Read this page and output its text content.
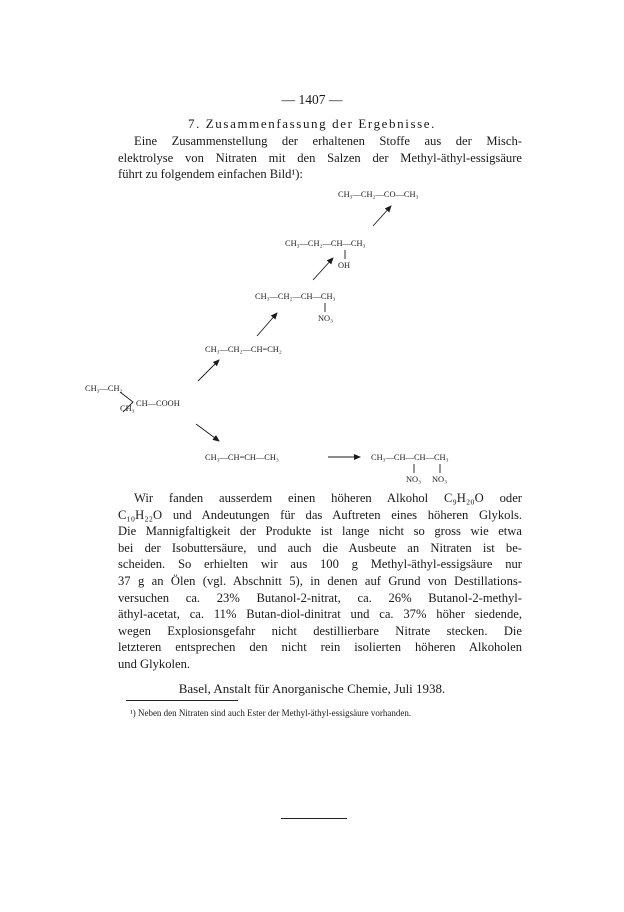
— 1407 —
7. Zusammenfassung der Ergebnisse.
Eine Zusammenstellung der erhaltenen Stoffe aus der Misch-
elektrolyse von Nitraten mit den Salzen der Methyl-äthyl-essigsäure
führt zu folgendem einfachen Bild¹):
CH₃—CH₂—CO—CH₃
CH₃—CH₂—CH—CH₃
OH
CH₃—CH₂—CH—CH₃
NO₃
CH₃—CH₂—CH=CH₂
CH₃—CH₂
CH₃
CH—COOH
CH₃—CH=CH—CH₃	CH₃—CH—CH—CH₃
NO₃ NO₃
Wir fanden ausserdem einen höheren Alkohol C₉H₂₀O oder
C₁₀H₂₂O und Andeutungen für das Auftreten eines höheren Glykols.
Die Mannigfaltigkeit der Produkte ist lange nicht so gross wie etwa
bei der Isobuttersäure, und auch die Ausbeute an Nitraten ist be-
scheiden. So erhielten wir aus 100 g Methyl-äthyl-essigsäure nur
37 g an Ölen (vgl. Abschnitt 5), in denen auf Grund von Destillations-
versuchen ca. 23% Butanol-2-nitrat, ca. 26% Butanol-2-methyl-
äthyl-acetat, ca. 11% Butan-diol-dinitrat und ca. 37% höher siedende,
wegen Explosionsgefahr nicht destillierbare Nitrate stecken. Die
letzteren entsprechen den nicht rein isolierten höheren Alkoholen
und Glykolen.
Basel, Anstalt für Anorganische Chemie, Juli 1938.
¹) Neben den Nitraten sind auch Ester der Methyl-äthyl-essigsäure vorhanden.
